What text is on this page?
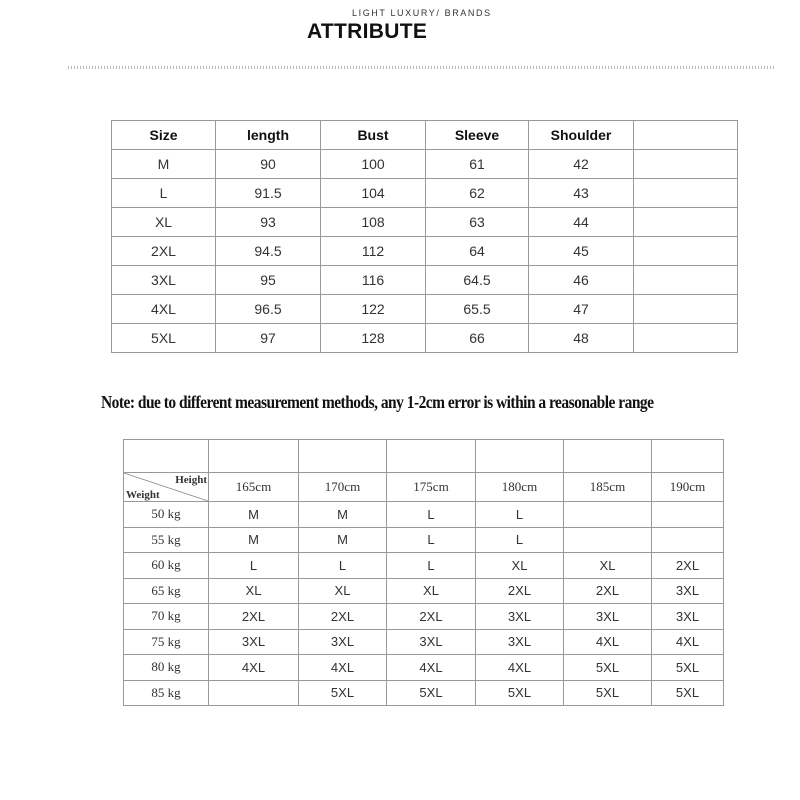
LIGHT LUXURY/ BRANDS
ATTRIBUTE
Size	length	Bust	Sleeve	Shoulder	
M	90	100	61	42	
L	91.5	104	62	43	
XL	93	108	63	44	
2XL	94.5	112	64	45	
3XL	95	116	64.5	46	
4XL	96.5	122	65.5	47	
5XL	97	128	66	48	
Note: due to different measurement methods, any 1-2cm error is within a reasonable range

Height
Weight	165cm	170cm	175cm	180cm	185cm	190cm
50 kg	M	M	L	L		
55 kg	M	M	L	L		
60 kg	L	L	L	XL	XL	2XL
65 kg	XL	XL	XL	2XL	2XL	3XL
70 kg	2XL	2XL	2XL	3XL	3XL	3XL
75 kg	3XL	3XL	3XL	3XL	4XL	4XL
80 kg	4XL	4XL	4XL	4XL	5XL	5XL
85 kg		5XL	5XL	5XL	5XL	5XL
